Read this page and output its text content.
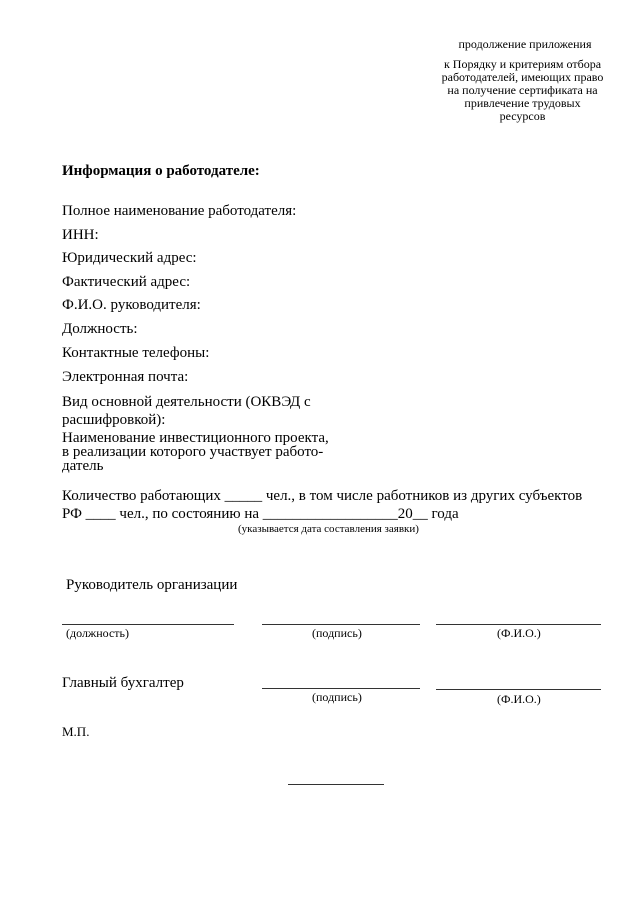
продолжение приложения
к Порядку и критериям отбора
работодателей, имеющих право
на получение сертификата на
привлечение трудовых
ресурсов
Информация о работодателе:
Полное наименование работодателя:
ИНН:
Юридический адрес:
Фактический адрес:
Ф.И.О. руководителя:
Должность:
Контактные телефоны:
Электронная почта:
Вид основной деятельности (ОКВЭД с
расшифровкой):
Наименование инвестиционного проекта,
в реализации которого участвует работо-
датель
Количество работающих _____ чел., в том числе работников из других субъектов
РФ ____ чел., по состоянию на __________________20__ года
(указывается дата составления заявки)
Руководитель организации
(должность)	(подпись)	(Ф.И.О.)
Главный бухгалтер
(подпись)	(Ф.И.О.)
М.П.
